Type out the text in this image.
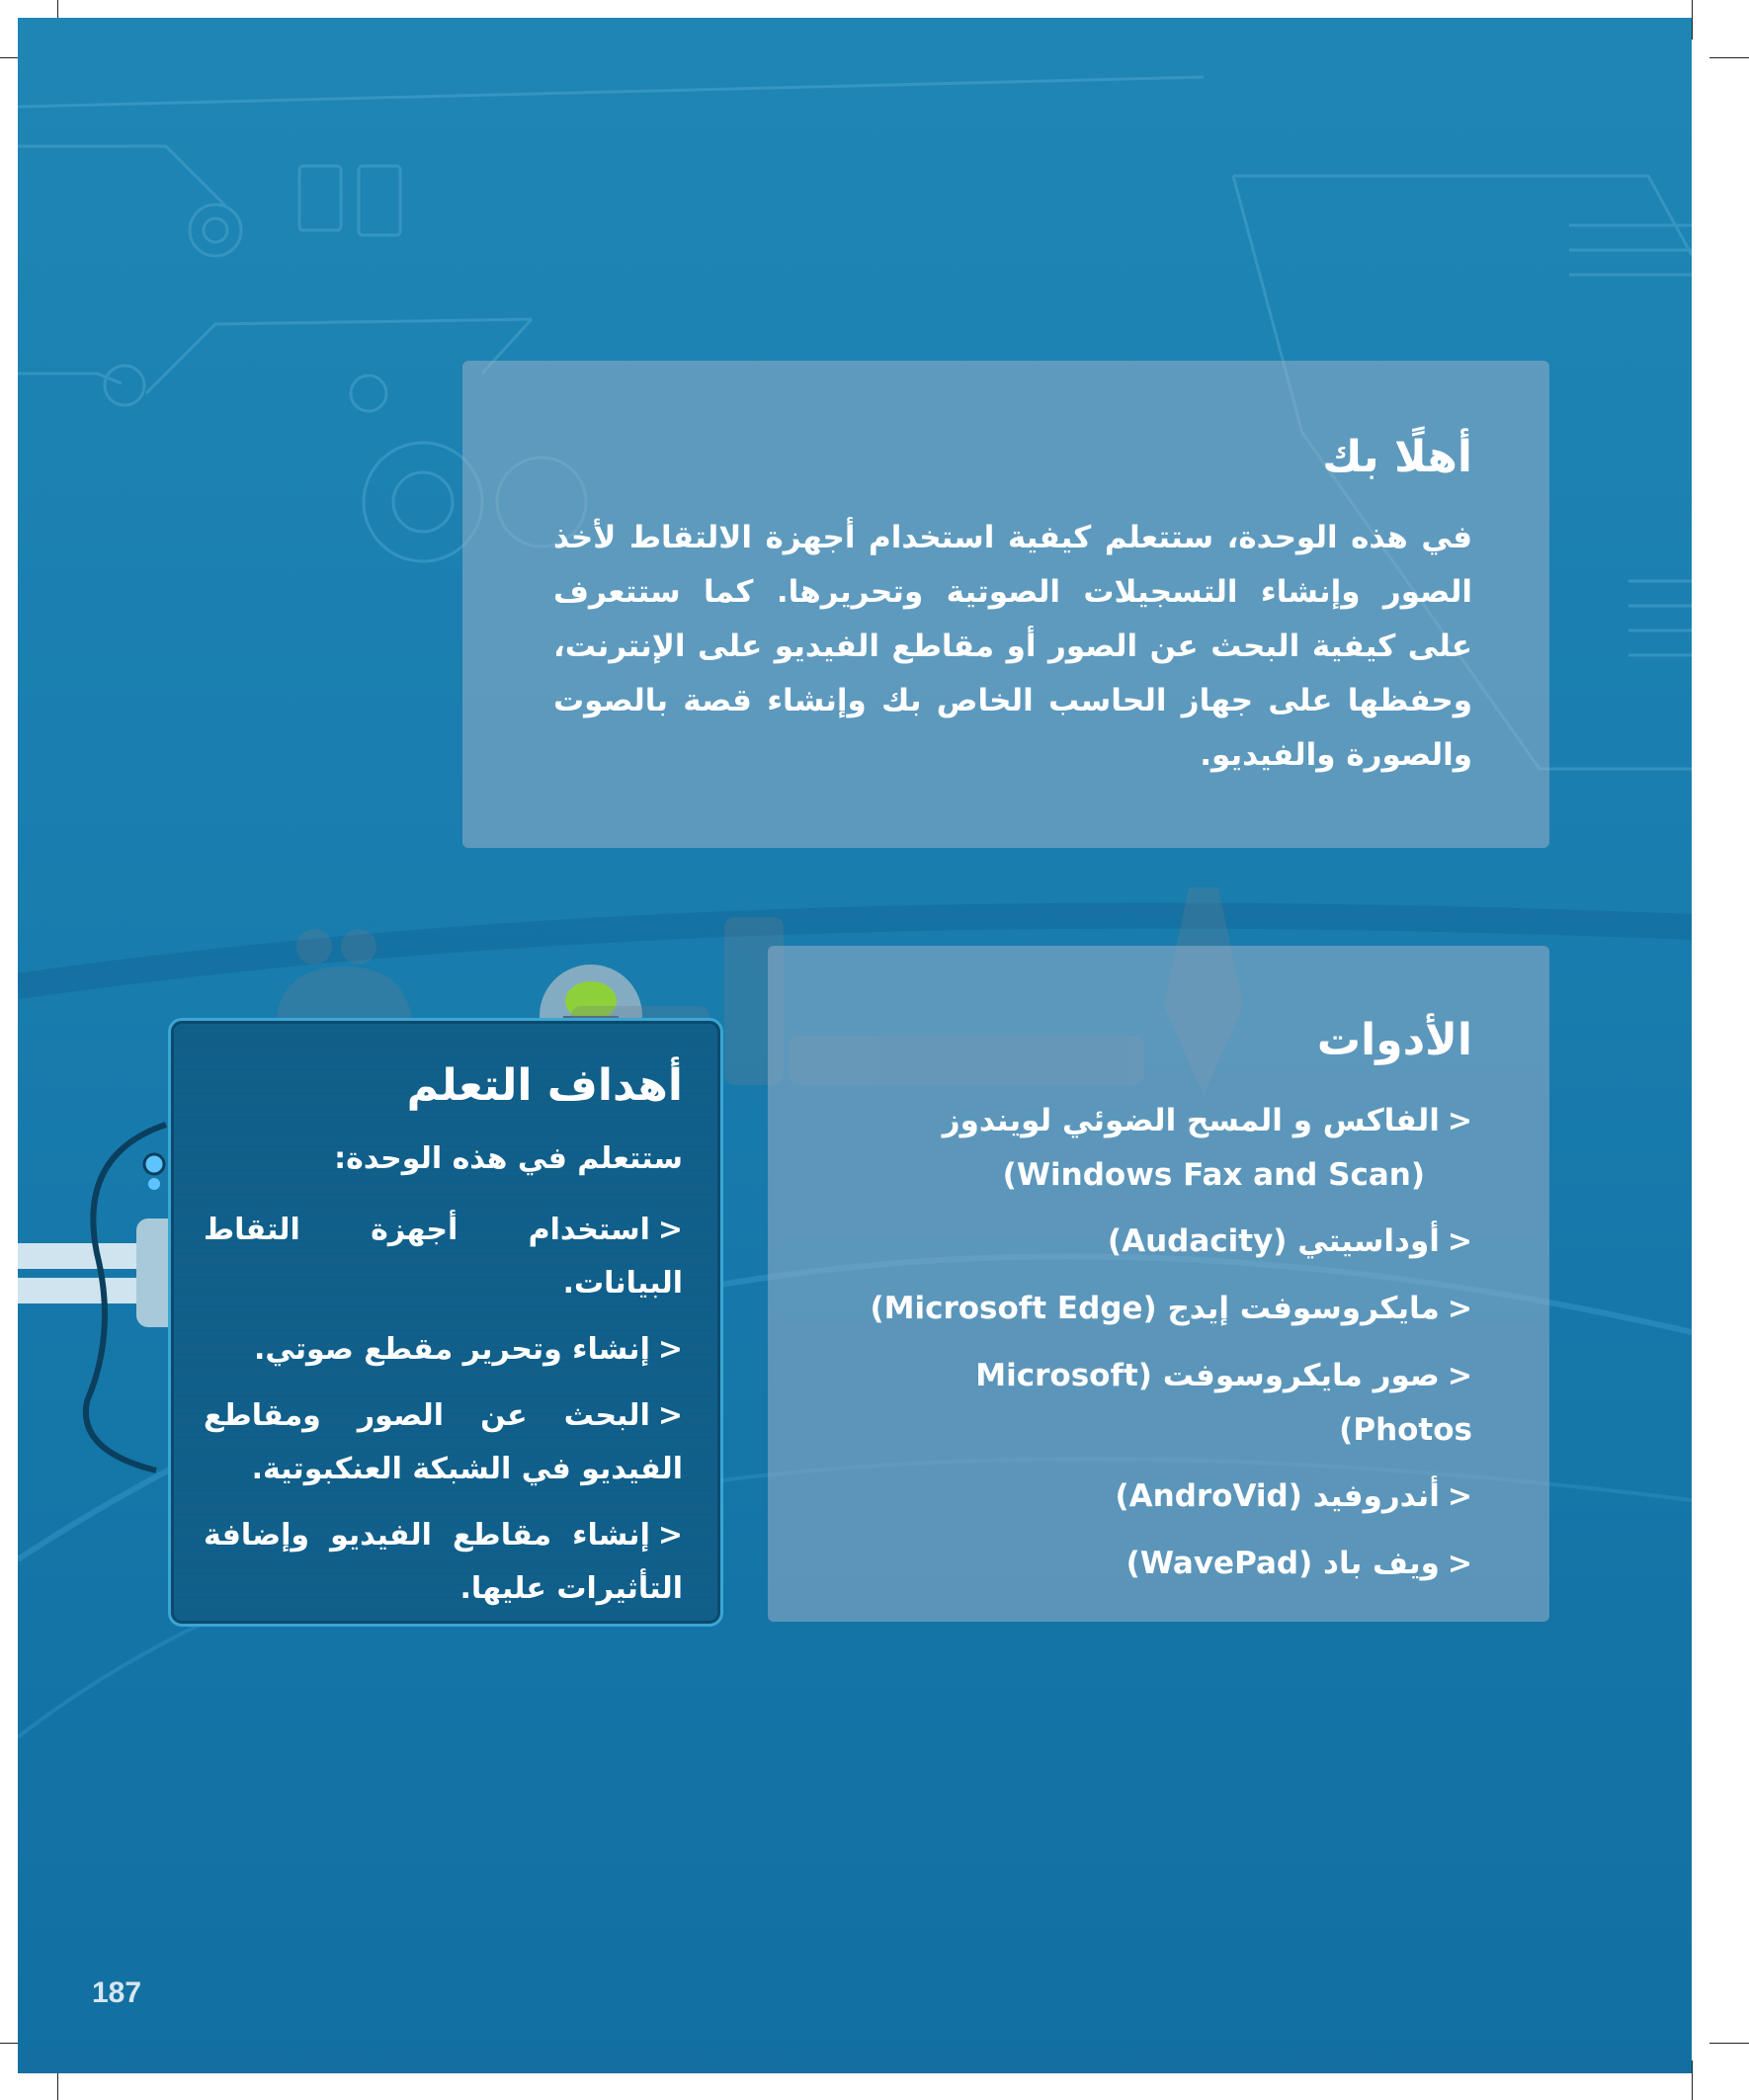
أهلًا بك

في هذه الوحدة، ستتعلم كيفية استخدام أجهزة الالتقاط لأخذ الصور وإنشاء التسجيلات الصوتية وتحريرها. كما ستتعرف على كيفية البحث عن الصور أو مقاطع الفيديو على الإنترنت، وحفظها على جهاز الحاسب الخاص بك وإنشاء قصة بالصوت والصورة والفيديو.

الأدوات
<الفاكس و المسح الضوئي لويندوز
(Windows Fax and Scan)
<أوداسيتي (Audacity)
<مايكروسوفت إيدج (Microsoft Edge)
<صور مايكروسوفت (Microsoft Photos)
<أندروفيد (AndroVid)
<ويف باد (WavePad)
أهداف التعلم

ستتعلم في هذه الوحدة:

<استخدام أجهزة التقاط البيانات.
<إنشاء وتحرير مقطع صوتي.
<البحث عن الصور ومقاطع الفيديو في الشبكة العنكبوتية.
<إنشاء مقاطع الفيديو وإضافة التأثيرات عليها.
187
